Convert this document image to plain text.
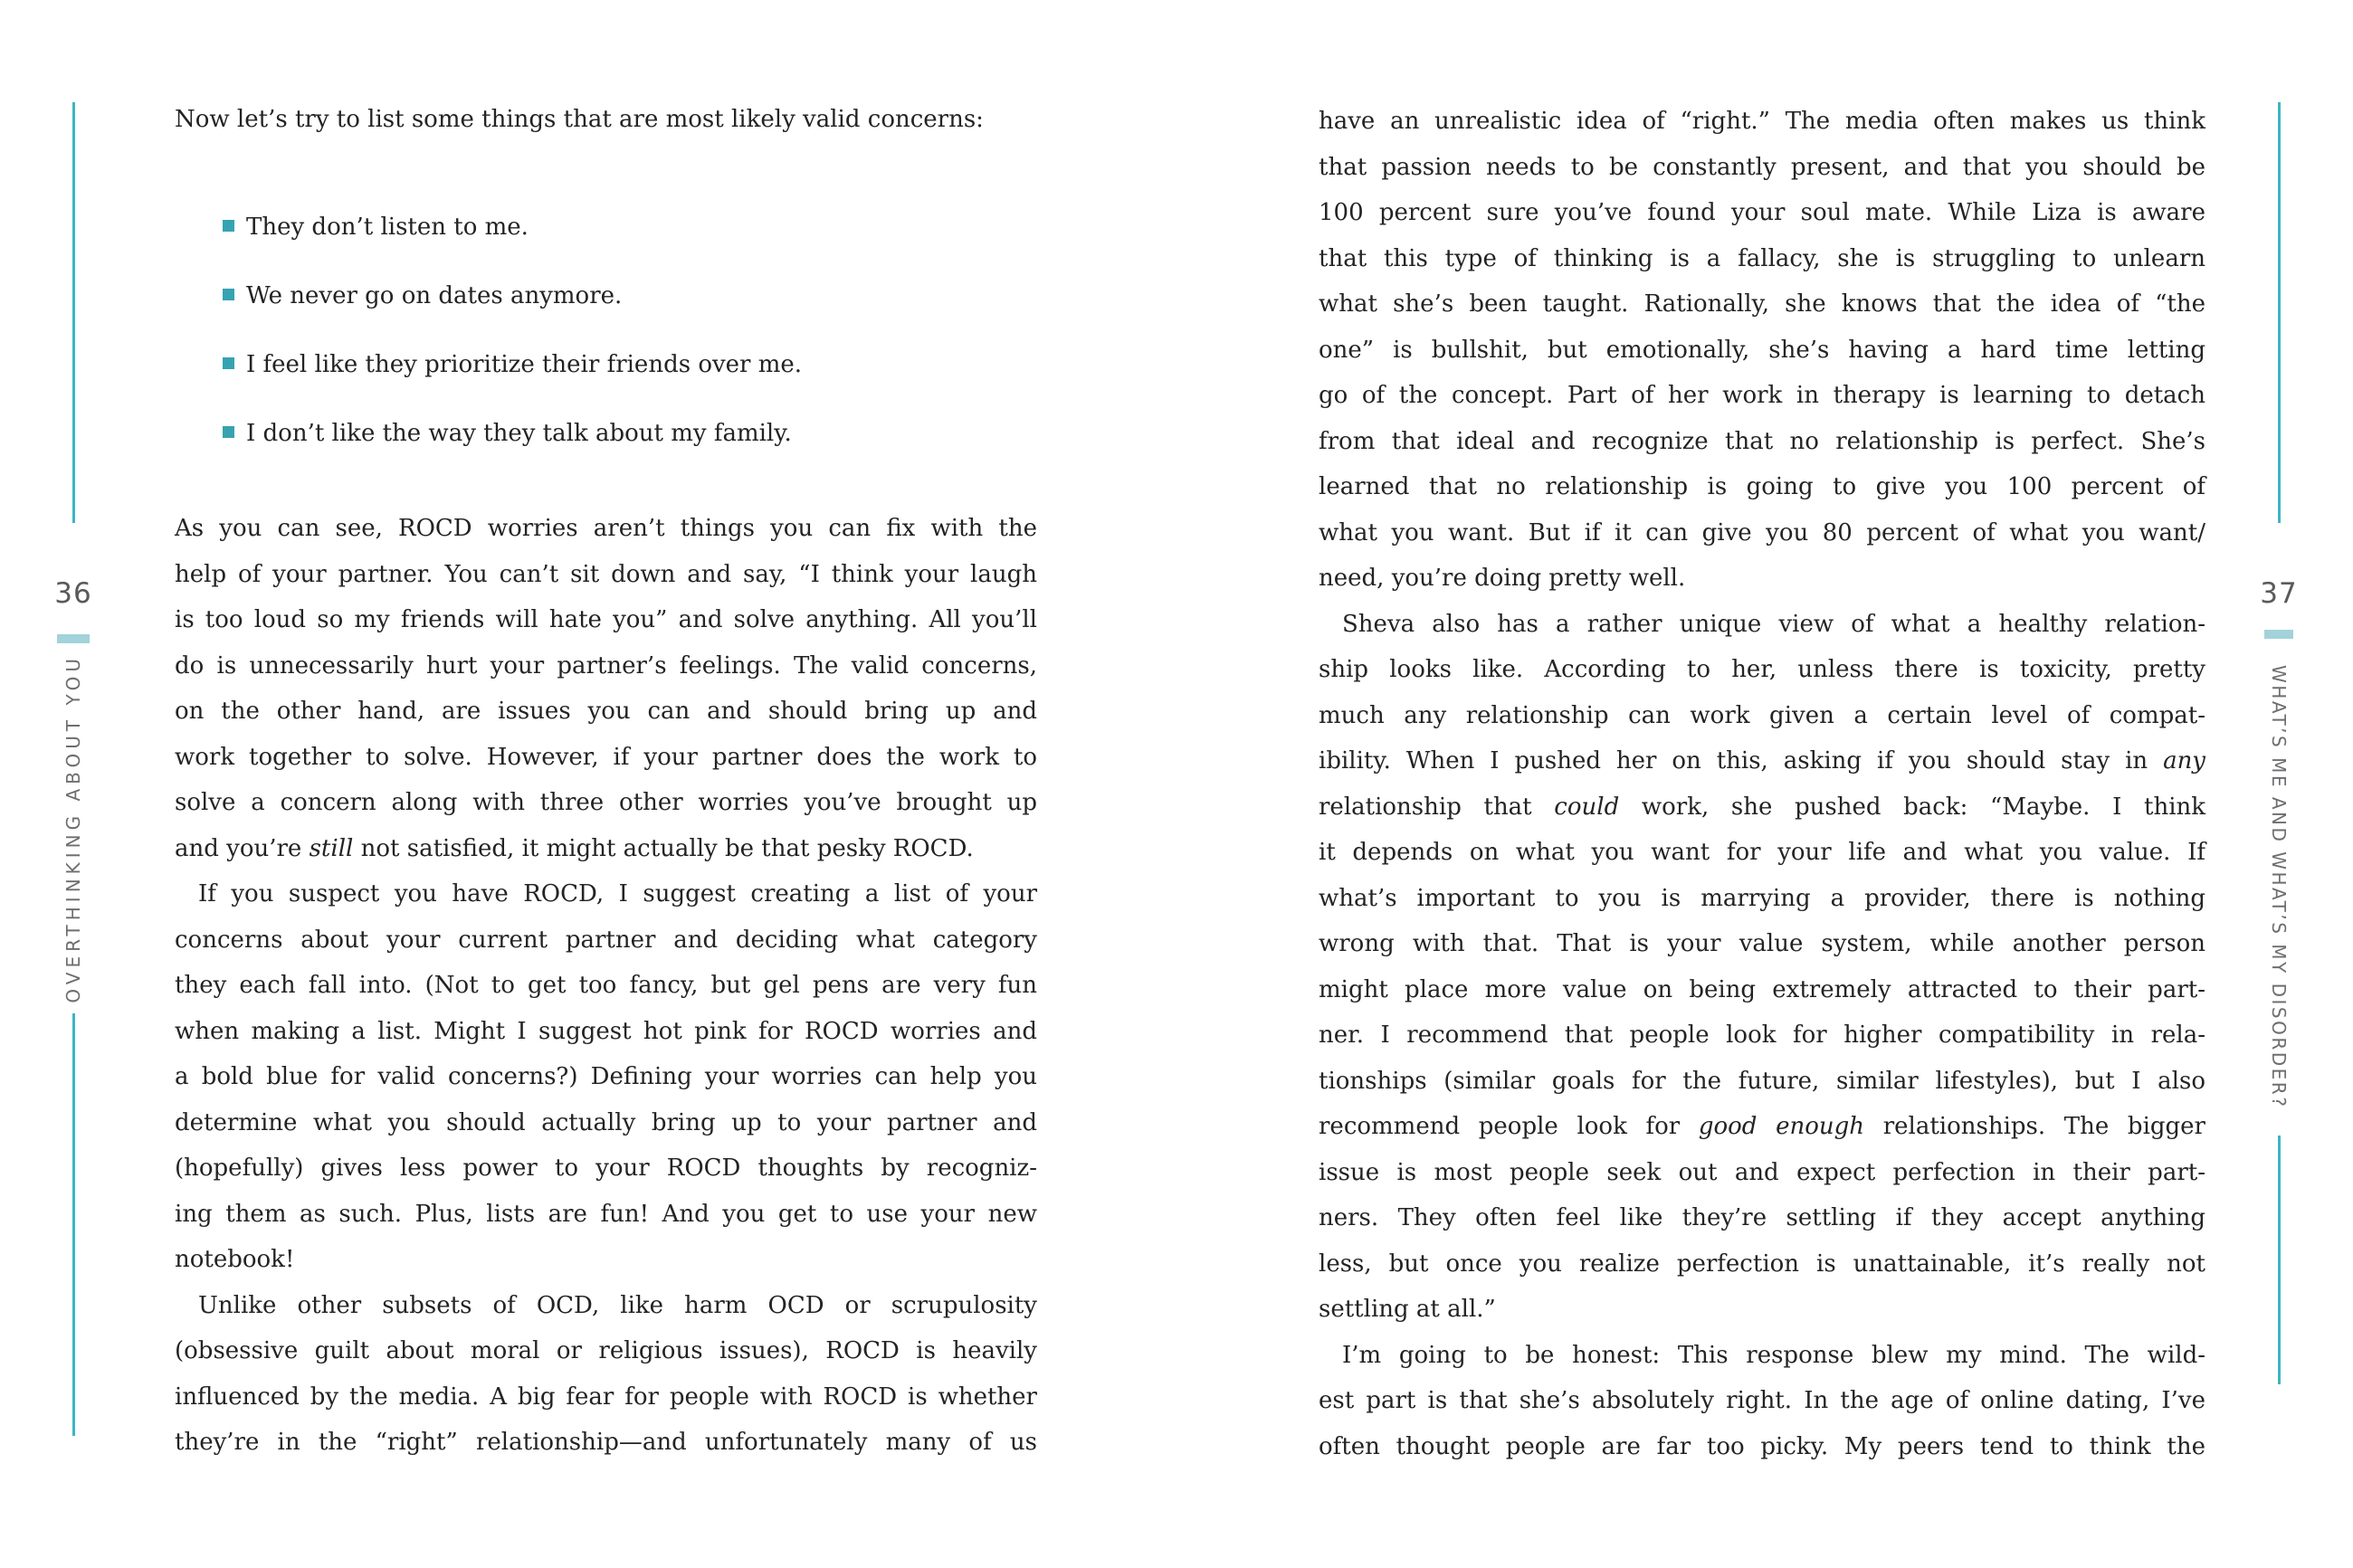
36
OVERTHINKING ABOUT YOU
37
WHAT’S ME AND WHAT’S MY DISORDER?
Now let’s try to list some things that are most likely valid concerns:
They don’t listen to me.
We never go on dates anymore.
I feel like they prioritize their friends over me.
I don’t like the way they talk about my family.
As you can see, ROCD worries aren’t things you can fix with the
help of your partner. You can’t sit down and say, “I think your laugh
is too loud so my friends will hate you” and solve anything. All you’ll
do is unnecessarily hurt your partner’s feelings. The valid concerns,
on the other hand, are issues you can and should bring up and
work together to solve. However, if your partner does the work to
solve a concern along with three other worries you’ve brought up
and you’re still not satisfied, it might actually be that pesky ROCD.
If you suspect you have ROCD, I suggest creating a list of your
concerns about your current partner and deciding what category
they each fall into. (Not to get too fancy, but gel pens are very fun
when making a list. Might I suggest hot pink for ROCD worries and
a bold blue for valid concerns?) Defining your worries can help you
determine what you should actually bring up to your partner and
(hopefully) gives less power to your ROCD thoughts by recogniz-
ing them as such. Plus, lists are fun! And you get to use your new
notebook!
Unlike other subsets of OCD, like harm OCD or scrupulosity
(obsessive guilt about moral or religious issues), ROCD is heavily
influenced by the media. A big fear for people with ROCD is whether
they’re in the “right” relationship—and unfortunately many of us
have an unrealistic idea of “right.” The media often makes us think
that passion needs to be constantly present, and that you should be
100 percent sure you’ve found your soul mate. While Liza is aware
that this type of thinking is a fallacy, she is struggling to unlearn
what she’s been taught. Rationally, she knows that the idea of “the
one” is bullshit, but emotionally, she’s having a hard time letting
go of the concept. Part of her work in therapy is learning to detach
from that ideal and recognize that no relationship is perfect. She’s
learned that no relationship is going to give you 100 percent of
what you want. But if it can give you 80 percent of what you want/
need, you’re doing pretty well.
Sheva also has a rather unique view of what a healthy relation-
ship looks like. According to her, unless there is toxicity, pretty
much any relationship can work given a certain level of compat-
ibility. When I pushed her on this, asking if you should stay in any
relationship that could work, she pushed back: “Maybe. I think
it depends on what you want for your life and what you value. If
what’s important to you is marrying a provider, there is nothing
wrong with that. That is your value system, while another person
might place more value on being extremely attracted to their part-
ner. I recommend that people look for higher compatibility in rela-
tionships (similar goals for the future, similar lifestyles), but I also
recommend people look for good enough relationships. The bigger
issue is most people seek out and expect perfection in their part-
ners. They often feel like they’re settling if they accept anything
less, but once you realize perfection is unattainable, it’s really not
settling at all.”
I’m going to be honest: This response blew my mind. The wild-
est part is that she’s absolutely right. In the age of online dating, I’ve
often thought people are far too picky. My peers tend to think the
